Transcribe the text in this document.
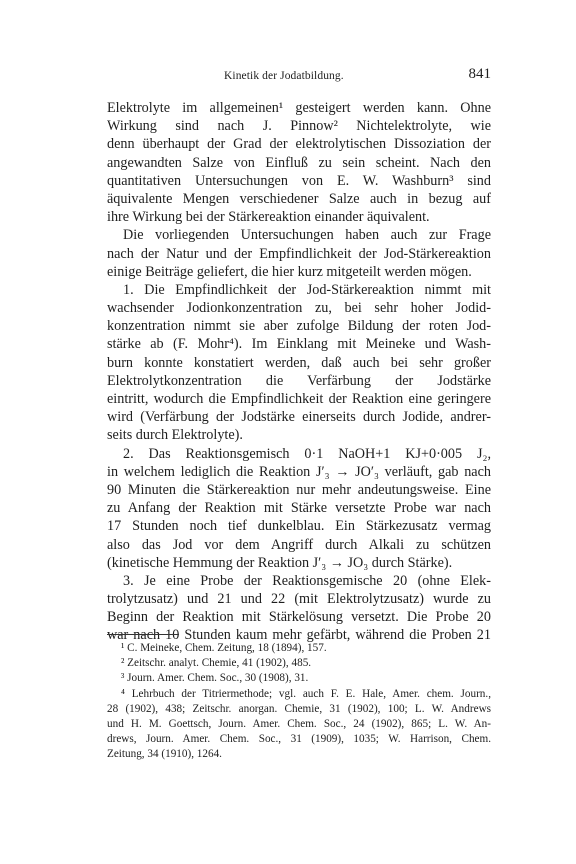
Kinetik der Jodatbildung.	841
Elektrolyte im allgemeinen¹ gesteigert werden kann. Ohne
Wirkung sind nach J. Pinnow² Nichtelektrolyte, wie
denn überhaupt der Grad der elektrolytischen Dissoziation der
angewandten Salze von Einfluß zu sein scheint. Nach den
quantitativen Untersuchungen von E. W. Washburn³ sind
äquivalente Mengen verschiedener Salze auch in bezug auf
ihre Wirkung bei der Stärkereaktion einander äquivalent.
Die vorliegenden Untersuchungen haben auch zur Frage
nach der Natur und der Empfindlichkeit der Jod-Stärkereaktion
einige Beiträge geliefert, die hier kurz mitgeteilt werden mögen.
1. Die Empfindlichkeit der Jod-Stärkereaktion nimmt mit
wachsender Jodionkonzentration zu, bei sehr hoher Jodid-
konzentration nimmt sie aber zufolge Bildung der roten Jod-
stärke ab (F. Mohr⁴). Im Einklang mit Meineke und Wash-
burn konnte konstatiert werden, daß auch bei sehr großer
Elektrolytkonzentration die Verfärbung der Jodstärke
eintritt, wodurch die Empfindlichkeit der Reaktion eine geringere
wird (Verfärbung der Jodstärke einerseits durch Jodide, andrer-
seits durch Elektrolyte).
2. Das Reaktionsgemisch 0·1 NaOH+1 KJ+0·005 J₂,
in welchem lediglich die Reaktion J′₃ → JO′₃ verläuft, gab nach
90 Minuten die Stärkereaktion nur mehr andeutungsweise. Eine
zu Anfang der Reaktion mit Stärke versetzte Probe war nach
17 Stunden noch tief dunkelblau. Ein Stärkezusatz vermag
also das Jod vor dem Angriff durch Alkali zu schützen
(kinetische Hemmung der Reaktion J′₃ → JO₃ durch Stärke).
3. Je eine Probe der Reaktionsgemische 20 (ohne Elek-
trolytzusatz) und 21 und 22 (mit Elektrolytzusatz) wurde zu
Beginn der Reaktion mit Stärkelösung versetzt. Die Probe 20
war nach 10 Stunden kaum mehr gefärbt, während die Proben 21
¹ C. Meineke, Chem. Zeitung, 18 (1894), 157.
² Zeitschr. analyt. Chemie, 41 (1902), 485.
³ Journ. Amer. Chem. Soc., 30 (1908), 31.
⁴ Lehrbuch der Titriermethode; vgl. auch F. E. Hale, Amer. chem. Journ.,
28 (1902), 438; Zeitschr. anorgan. Chemie, 31 (1902), 100; L. W. Andrews
und H. M. Goettsch, Journ. Amer. Chem. Soc., 24 (1902), 865; L. W. An-
drews, Journ. Amer. Chem. Soc., 31 (1909), 1035; W. Harrison, Chem.
Zeitung, 34 (1910), 1264.
